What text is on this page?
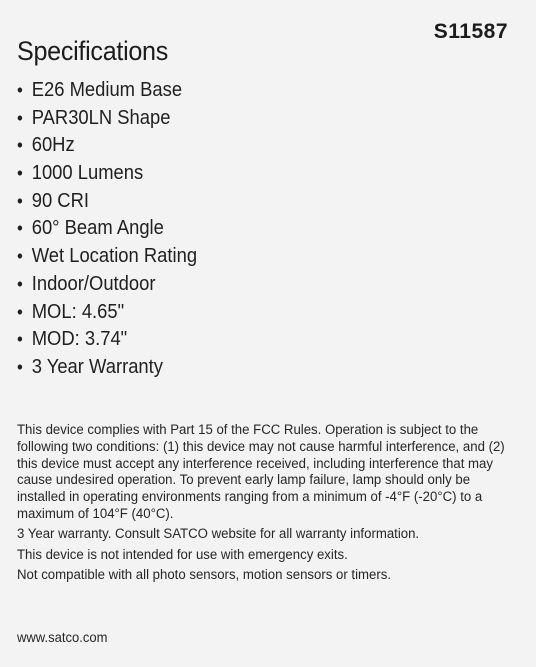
S11587
Specifications
• E26 Medium Base
• PAR30LN Shape
• 60Hz
• 1000 Lumens
• 90 CRI
• 60° Beam Angle
• Wet Location Rating
• Indoor/Outdoor
• MOL: 4.65"
• MOD: 3.74"
• 3 Year Warranty

This device complies with Part 15 of the FCC Rules. Operation is subject to the following two conditions: (1) this device may not cause harmful interference, and (2) this device must accept any interference received, including interference that may cause undesired operation. To prevent early lamp failure, lamp should only be installed in operating environments ranging from a minimum of -4°F (-20°C) to a maximum of 104°F (40°C).

3 Year warranty. Consult SATCO website for all warranty information.

This device is not intended for use with emergency exits.

Not compatible with all photo sensors, motion sensors or timers.

www.satco.com
